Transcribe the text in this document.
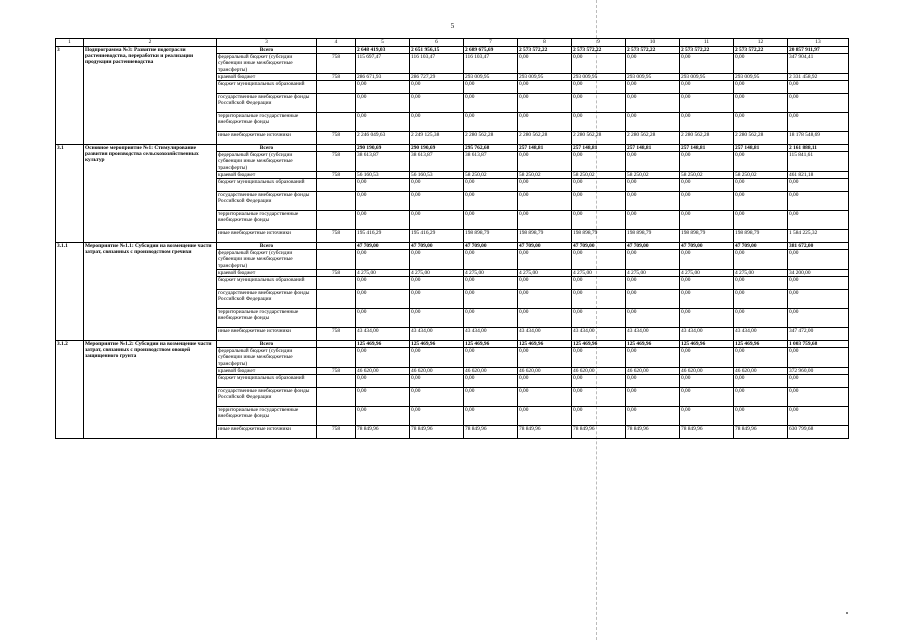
5
1	2	3	4	5	6	7	8	9	10	11	12	13
3	Подпрограмма №3: Развитие подотрасли растениеводства, переработки и реализации продукции растениеводства	Всего		2 648 419,03	2 651 956,15	2 689 675,69	2 573 572,22	2 573 572,22	2 573 572,22	2 573 572,22	2 573 572,22	20 857 911,97
		федеральный бюджет (субсидии субвенции иные межбюджетные трансферты)	758	115 697,47	116 103,47	116 103,47	0,00	0,00	0,00	0,00	0,00	347 904,41
		краевой бюджет	758	286 671,93	286 727,29	293 009,95	293 009,95	293 009,95	293 009,95	293 009,95	293 009,95	2 331 458,92
		бюджет муниципальных образований		0,00	0,00	0,00	0,00	0,00	0,00	0,00	0,00	0,00
		государственные внебюджетные фонды Российской Федерации		0,00	0,00	0,00	0,00	0,00	0,00	0,00	0,00	0,00
		территориальные государственные внебюджетные фонды		0,00	0,00	0,00	0,00	0,00	0,00	0,00	0,00	0,00
		иные внебюджетные источники	758	2 246 049,63	2 249 125,38	2 280 562,28	2 280 562,28	2 280 562,28	2 280 562,28	2 280 562,28	2 280 562,28	18 178 548,69
3.1	Основное мероприятие №1: Стимулирование развития производства сельскохозяйственных культур	Всего		290 190,69	290 190,69	295 762,68	257 148,81	257 148,81	257 148,81	257 148,81	257 148,81	2 161 888,11
		федеральный бюджет (субсидии субвенции иные межбюджетные трансферты)	758	38 613,87	38 613,87	38 613,87	0,00	0,00	0,00	0,00	0,00	115 841,61
		краевой бюджет	758	56 160,53	56 160,53	58 250,02	58 250,02	58 250,02	58 250,02	58 250,02	58 250,02	461 821,18
		бюджет муниципальных образований		0,00	0,00	0,00	0,00	0,00	0,00	0,00	0,00	0,00
		государственные внебюджетные фонды Российской Федерации		0,00	0,00	0,00	0,00	0,00	0,00	0,00	0,00	0,00
		территориальные государственные внебюджетные фонды		0,00	0,00	0,00	0,00	0,00	0,00	0,00	0,00	0,00
		иные внебюджетные источники	758	195 416,29	195 416,29	198 898,79	198 898,79	198 898,79	198 898,79	198 898,79	198 898,79	1 584 225,32
3.1.1	Мероприятие №1.1: Субсидии на возмещение части затрат, связанных с производством гречихи	Всего		47 709,00	47 709,00	47 709,00	47 709,00	47 709,00	47 709,00	47 709,00	47 709,00	381 672,00
		федеральный бюджет (субсидии субвенции иные межбюджетные трансферты)		0,00	0,00	0,00	0,00	0,00	0,00	0,00	0,00	0,00
		краевой бюджет	758	4 275,00	4 275,00	4 275,00	4 275,00	4 275,00	4 275,00	4 275,00	4 275,00	34 200,00
		бюджет муниципальных образований		0,00	0,00	0,00	0,00	0,00	0,00	0,00	0,00	0,00
		государственные внебюджетные фонды Российской Федерации		0,00	0,00	0,00	0,00	0,00	0,00	0,00	0,00	0,00
		территориальные государственные внебюджетные фонды		0,00	0,00	0,00	0,00	0,00	0,00	0,00	0,00	0,00
		иные внебюджетные источники	758	43 434,00	43 434,00	43 434,00	43 434,00	43 434,00	43 434,00	43 434,00	43 434,00	347 472,00
3.1.2	Мероприятие №1.2: Субсидии на возмещение части затрат, связанных с производством овощей защищенного грунта	Всего		125 469,96	125 469,96	125 469,96	125 469,96	125 469,96	125 469,96	125 469,96	125 469,96	1 003 759,68
		федеральный бюджет (субсидии субвенции иные межбюджетные трансферты)		0,00	0,00	0,00	0,00	0,00	0,00	0,00	0,00	0,00
		краевой бюджет	758	46 620,00	46 620,00	46 620,00	46 620,00	46 620,00	46 620,00	46 620,00	46 620,00	372 960,00
		бюджет муниципальных образований		0,00	0,00	0,00	0,00	0,00	0,00	0,00	0,00	0,00
		государственные внебюджетные фонды Российской Федерации		0,00	0,00	0,00	0,00	0,00	0,00	0,00	0,00	0,00
		территориальные государственные внебюджетные фонды		0,00	0,00	0,00	0,00	0,00	0,00	0,00	0,00	0,00
		иные внебюджетные источники	758	78 849,96	78 849,96	78 849,96	78 849,96	78 849,96	78 849,96	78 849,96	78 849,96	630 799,68
